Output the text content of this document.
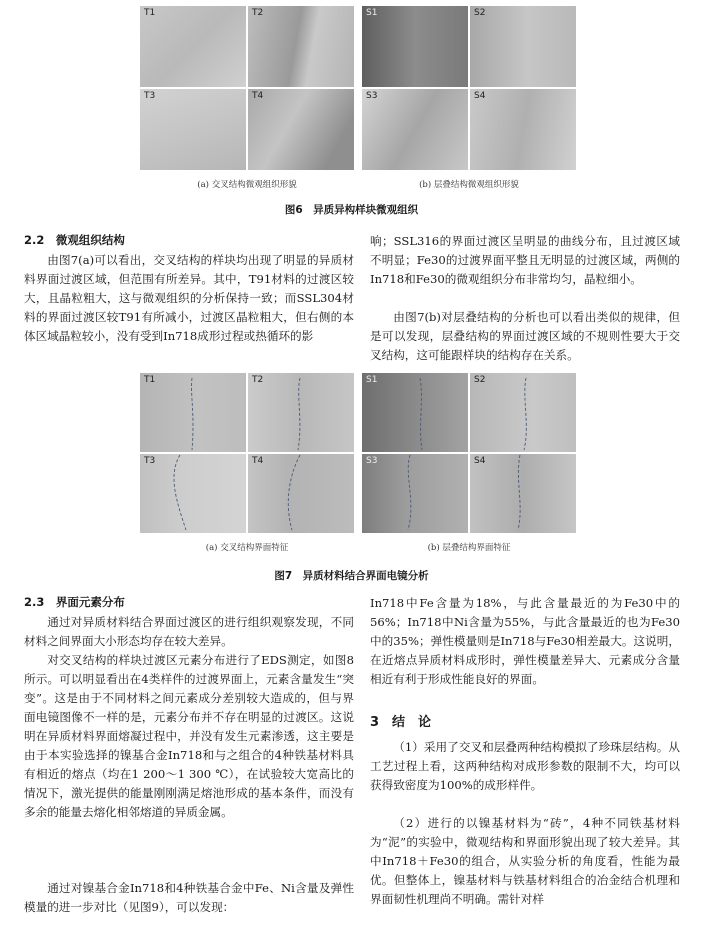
T1	T2
T3	T4
S1	S2
S3	S4
(a) 交叉结构微观组织形貌	(b) 层叠结构微观组织形貌
图6　异质异构样块微观组织
2.2　微观组织结构

由图7(a)可以看出，交叉结构的样块均出现了明显的异质材料界面过渡区域，但范围有所差异。其中，T91材料的过渡区较大，且晶粒粗大，这与微观组织的分析保持一致；而SSL304材料的界面过渡区较T91有所减小，过渡区晶粒粗大，但右侧的本体区域晶粒较小，没有受到In718成形过程或热循环的影

响；SSL316的界面过渡区呈明显的曲线分布，且过渡区域不明显；Fe30的过渡界面平整且无明显的过渡区域，两侧的In718和Fe30的微观组织分布非常均匀，晶粒细小。

由图7(b)对层叠结构的分析也可以看出类似的规律，但是可以发现，层叠结构的界面过渡区域的不规则性要大于交叉结构，这可能跟样块的结构存在关系。

T1	T2
T3	T4
S1	S2
S3	S4
(a) 交叉结构界面特征	(b) 层叠结构界面特征
图7　异质材料结合界面电镜分析
2.3　界面元素分布

通过对异质材料结合界面过渡区的进行组织观察发现，不同材料之间界面大小形态均存在较大差异。

对交叉结构的样块过渡区元素分布进行了EDS测定，如图8所示。可以明显看出在4类样件的过渡界面上，元素含量发生“突变”。这是由于不同材料之间元素成分差别较大造成的，但与界面电镜图像不一样的是，元素分布并不存在明显的过渡区。这说明在异质材料界面熔凝过程中，并没有发生元素渗透，这主要是由于本实验选择的镍基合金In718和与之组合的4种铁基材料具有相近的熔点（均在1 200～1 300 ℃），在试验较大宽高比的情况下，激光提供的能量刚刚满足熔池形成的基本条件，而没有多余的能量去熔化相邻熔道的异质金属。

通过对镍基合金In718和4种铁基合金中Fe、Ni含量及弹性模量的进一步对比（见图9），可以发现：

In718中Fe含量为18%，与此含量最近的为Fe30中的56%；In718中Ni含量为55%，与此含量最近的也为Fe30中的35%；弹性模量则是In718与Fe30相差最大。这说明，在近熔点异质材料成形时，弹性模量差异大、元素成分含量相近有利于形成性能良好的界面。

3　结　论

（1）采用了交叉和层叠两种结构模拟了珍珠层结构。从工艺过程上看，这两种结构对成形参数的限制不大，均可以获得致密度为100%的成形样件。

（2）进行的以镍基材料为“砖”，4种不同铁基材料为“泥”的实验中，微观结构和界面形貌出现了较大差异。其中In718＋Fe30的组合，从实验分析的角度看，性能为最优。但整体上，镍基材料与铁基材料组合的冶金结合机理和界面韧性机理尚不明确。需针对样
